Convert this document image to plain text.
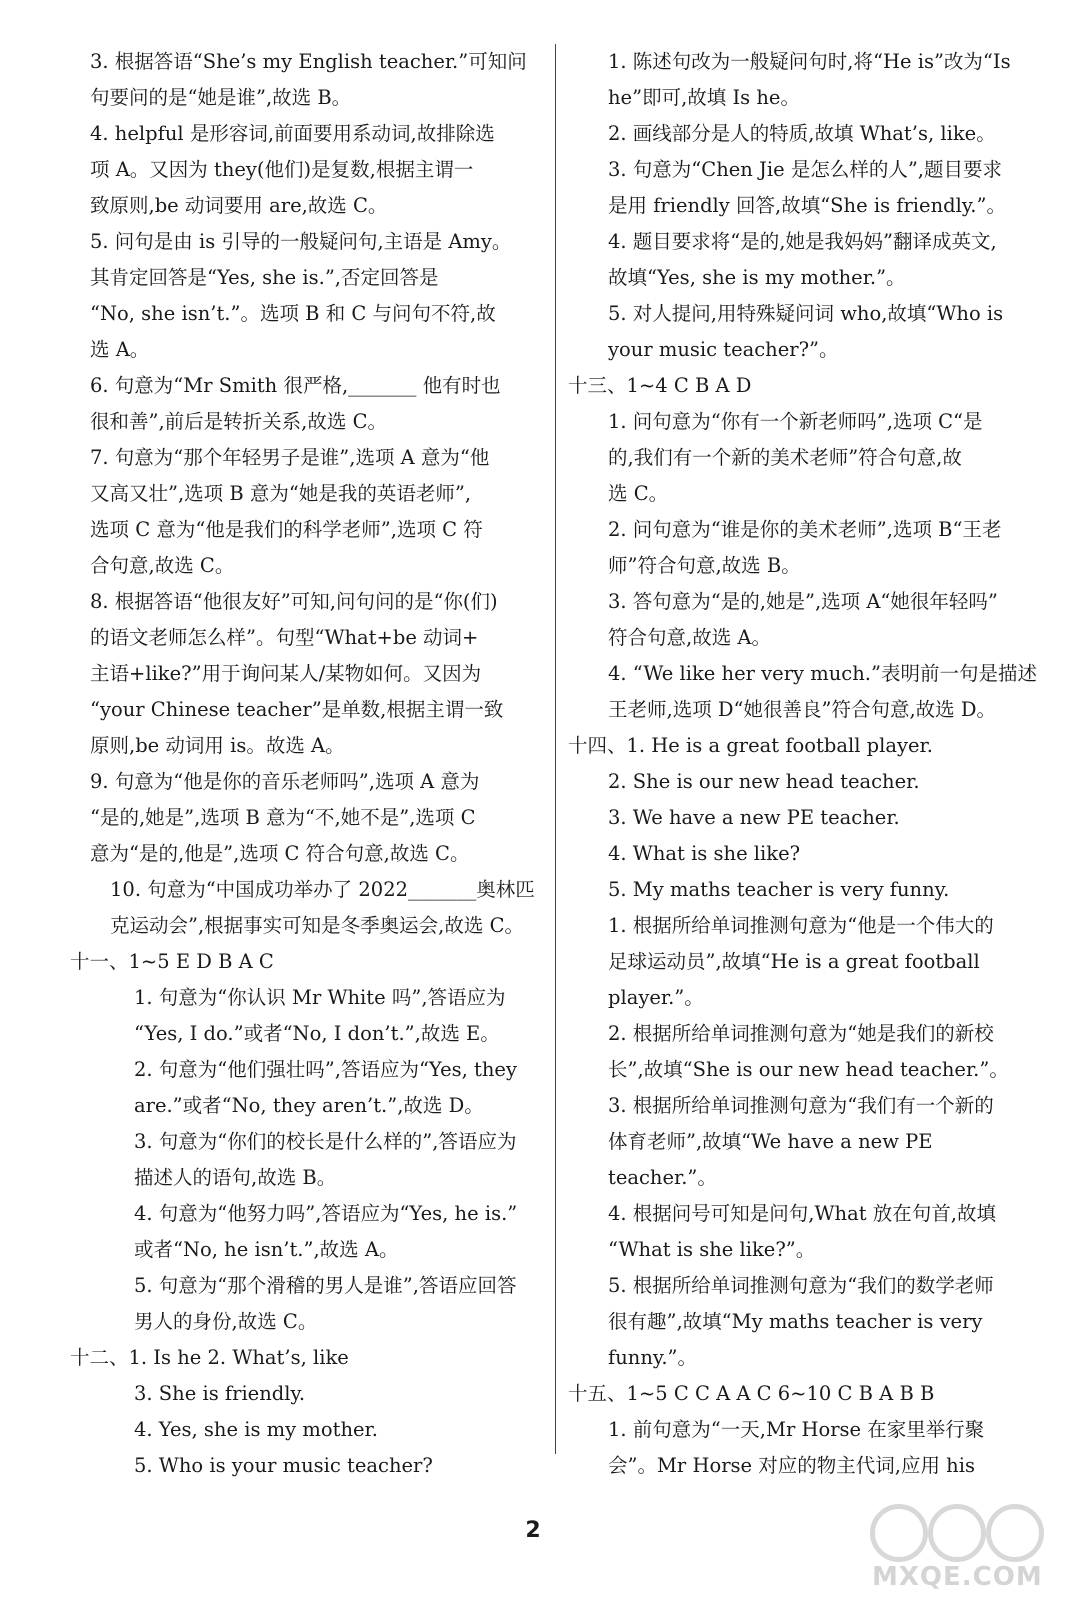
3. 根据答语“She’s my English teacher.”可知问
句要问的是“她是谁”,故选 B。
4. helpful 是形容词,前面要用系动词,故排除选
项 A。又因为 they(他们)是复数,根据主谓一
致原则,be 动词要用 are,故选 C。
5. 问句是由 is 引导的一般疑问句,主语是 Amy。
其肯定回答是“Yes, she is.”,否定回答是
“No, she isn’t.”。选项 B 和 C 与问句不符,故
选 A。
6. 句意为“Mr Smith 很严格,_______ 他有时也
很和善”,前后是转折关系,故选 C。
7. 句意为“那个年轻男子是谁”,选项 A 意为“他
又高又壮”,选项 B 意为“她是我的英语老师”,
选项 C 意为“他是我们的科学老师”,选项 C 符
合句意,故选 C。
8. 根据答语“他很友好”可知,问句问的是“你(们)
的语文老师怎么样”。句型“What+be 动词+
主语+like?”用于询问某人/某物如何。又因为
“your Chinese teacher”是单数,根据主谓一致
原则,be 动词用 is。故选 A。
9. 句意为“他是你的音乐老师吗”,选项 A 意为
“是的,她是”,选项 B 意为“不,她不是”,选项 C
意为“是的,他是”,选项 C 符合句意,故选 C。
10. 句意为“中国成功举办了 2022_______奥林匹
克运动会”,根据事实可知是冬季奥运会,故选 C。
十一、1~5 E D B A C
1. 句意为“你认识 Mr White 吗”,答语应为
“Yes, I do.”或者“No, I don’t.”,故选 E。
2. 句意为“他们强壮吗”,答语应为“Yes, they
are.”或者“No, they aren’t.”,故选 D。
3. 句意为“你们的校长是什么样的”,答语应为
描述人的语句,故选 B。
4. 句意为“他努力吗”,答语应为“Yes, he is.”
或者“No, he isn’t.”,故选 A。
5. 句意为“那个滑稽的男人是谁”,答语应回答
男人的身份,故选 C。
十二、1. Is he 2. What’s, like
3. She is friendly.
4. Yes, she is my mother.
5. Who is your music teacher?
1. 陈述句改为一般疑问句时,将“He is”改为“Is
he”即可,故填 Is he。
2. 画线部分是人的特质,故填 What’s, like。
3. 句意为“Chen Jie 是怎么样的人”,题目要求
是用 friendly 回答,故填“She is friendly.”。
4. 题目要求将“是的,她是我妈妈”翻译成英文,
故填“Yes, she is my mother.”。
5. 对人提问,用特殊疑问词 who,故填“Who is
your music teacher?”。
十三、1~4 C B A D
1. 问句意为“你有一个新老师吗”,选项 C“是
的,我们有一个新的美术老师”符合句意,故
选 C。
2. 问句意为“谁是你的美术老师”,选项 B“王老
师”符合句意,故选 B。
3. 答句意为“是的,她是”,选项 A“她很年轻吗”
符合句意,故选 A。
4. “We like her very much.”表明前一句是描述
王老师,选项 D“她很善良”符合句意,故选 D。
十四、1. He is a great football player.
2. She is our new head teacher.
3. We have a new PE teacher.
4. What is she like?
5. My maths teacher is very funny.
1. 根据所给单词推测句意为“他是一个伟大的
足球运动员”,故填“He is a great football
player.”。
2. 根据所给单词推测句意为“她是我们的新校
长”,故填“She is our new head teacher.”。
3. 根据所给单词推测句意为“我们有一个新的
体育老师”,故填“We have a new PE
teacher.”。
4. 根据问号可知是问句,What 放在句首,故填
“What is she like?”。
5. 根据所给单词推测句意为“我们的数学老师
很有趣”,故填“My maths teacher is very
funny.”。
十五、1~5 C C A A C 6~10 C B A B B
1. 前句意为“一天,Mr Horse 在家里举行聚
会”。Mr Horse 对应的物主代词,应用 his
2
MXQE.COM
